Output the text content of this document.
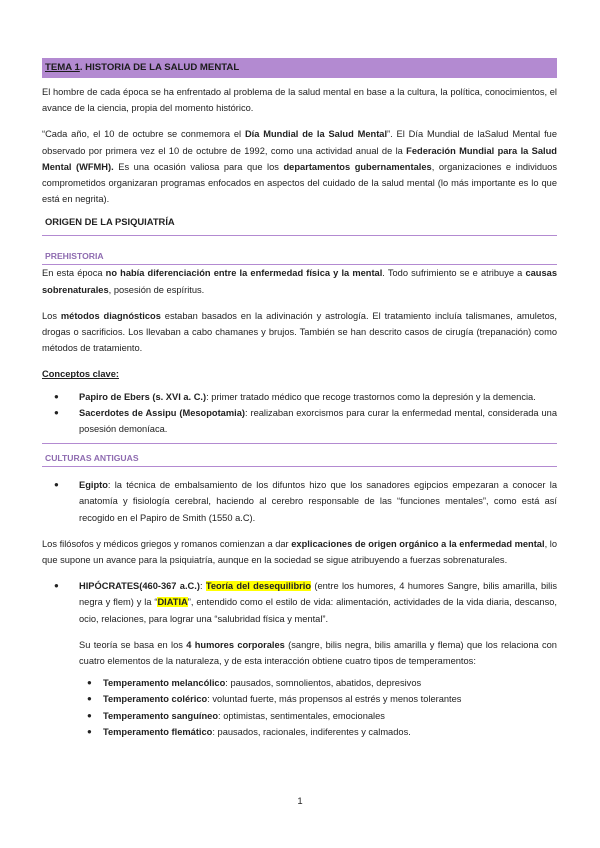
TEMA 1. HISTORIA DE LA SALUD MENTAL

El hombre de cada época se ha enfrentado al problema de la salud mental en base a la cultura, la política, conocimientos, el avance de la ciencia, propia del momento histórico.

“Cada año, el 10 de octubre se conmemora el Día Mundial de la Salud Mental”. El Día Mundial de laSalud Mental fue observado por primera vez el 10 de octubre de 1992, como una actividad anual de la Federación Mundial para la Salud Mental (WFMH). Es una ocasión valiosa para que los departamentos gubernamentales, organizaciones e individuos comprometidos organizaran programas enfocados en aspectos del cuidado de la salud mental (lo más importante es lo que está en negrita).

ORIGEN DE LA PSIQUIATRÍA
PREHISTORIA

En esta época no había diferenciación entre la enfermedad física y la mental. Todo sufrimiento se e atribuye a causas sobrenaturales, posesión de espíritus.

Los métodos diagnósticos estaban basados en la adivinación y astrología. El tratamiento incluía talismanes, amuletos, drogas o sacrificios. Los llevaban a cabo chamanes y brujos. También se han descrito casos de cirugía (trepanación) como métodos de tratamiento.

Conceptos clave:

● Papiro de Ebers (s. XVI a. C.): primer tratado médico que recoge trastornos como la depresión y la demencia.
● Sacerdotes de Assipu (Mesopotamia): realizaban exorcismos para curar la enfermedad mental, considerada una posesión demoníaca.
CULTURAS ANTIGUAS
● Egipto: la técnica de embalsamiento de los difuntos hizo que los sanadores egipcios empezaran a conocer la anatomía y fisiología cerebral, haciendo al cerebro responsable de las “funciones mentales”, como está así recogido en el Papiro de Smith (1550 a.C).

Los filósofos y médicos griegos y romanos comienzan a dar explicaciones de origen orgánico a la enfermedad mental, lo que supone un avance para la psiquiatría, aunque en la sociedad se sigue atribuyendo a fuerzas sobrenaturales.

● HIPÓCRATES(460-367 a.C.): Teoría del desequilibrio (entre los humores, 4 humores Sangre, bilis amarilla, bilis negra y flem) y la “DIATIA”, entendido como el estilo de vida: alimentación, actividades de la vida diaria, descanso, ocio, relaciones, para lograr una “salubridad física y mental”.

Su teoría se basa en los 4 humores corporales (sangre, bilis negra, bilis amarilla y flema) que los relaciona con cuatro elementos de la naturaleza, y de esta interacción obtiene cuatro tipos de temperamentos:

● Temperamento melancólico: pausados, somnolientos, abatidos, depresivos
● Temperamento colérico: voluntad fuerte, más propensos al estrés y menos tolerantes
● Temperamento sanguíneo: optimistas, sentimentales, emocionales
● Temperamento flemático: pausados, racionales, indiferentes y calmados.
1
